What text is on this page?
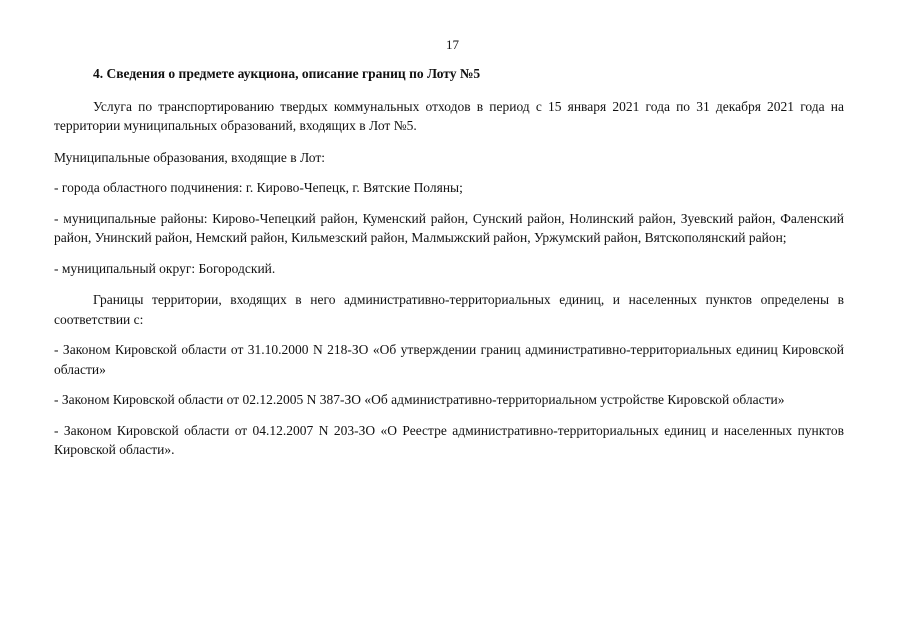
17

4. Сведения о предмете аукциона, описание границ по Лоту №5

Услуга по транспортированию твердых коммунальных отходов в период с 15 января 2021 года по 31 декабря 2021 года на территории муниципальных образований, входящих в Лот №5.

Муниципальные образования, входящие в Лот:

- города областного подчинения: г. Кирово-Чепецк, г. Вятские Поляны;

- муниципальные районы: Кирово-Чепецкий район, Куменский район, Сунский район, Нолинский район, Зуевский район, Фаленский район, Унинский район, Немский район, Кильмезский район, Малмыжский район, Уржумский район, Вятскополянский район;

- муниципальный округ: Богородский.

Границы территории, входящих в него административно-территориальных единиц, и населенных пунктов определены в соответствии с:

- Законом Кировской области от 31.10.2000 N 218-ЗО «Об утверждении границ административно-территориальных единиц Кировской области»

- Законом Кировской области от 02.12.2005 N 387-ЗО «Об административно-территориальном устройстве Кировской области»

- Законом Кировской области от 04.12.2007 N 203-ЗО «О Реестре административно-территориальных единиц и населенных пунктов Кировской области».
